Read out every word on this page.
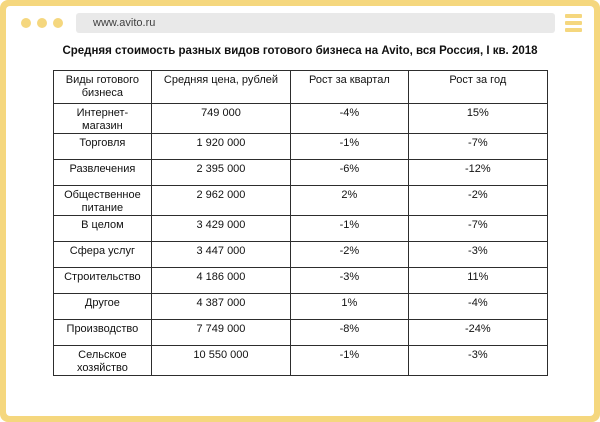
www.avito.ru
Средняя стоимость разных видов готового бизнеса на Avito, вся Россия, I кв. 2018
Виды готового бизнеса	Средняя цена, рублей	Рост за квартал	Рост за год
Интернет-магазин	749 000	-4%	15%
Торговля	1 920 000	-1%	-7%
Развлечения	2 395 000	-6%	-12%
Общественное питание	2 962 000	2%	-2%
В целом	3 429 000	-1%	-7%
Сфера услуг	3 447 000	-2%	-3%
Строительство	4 186 000	-3%	11%
Другое	4 387 000	1%	-4%
Производство	7 749 000	-8%	-24%
Сельское хозяйство	10 550 000	-1%	-3%
